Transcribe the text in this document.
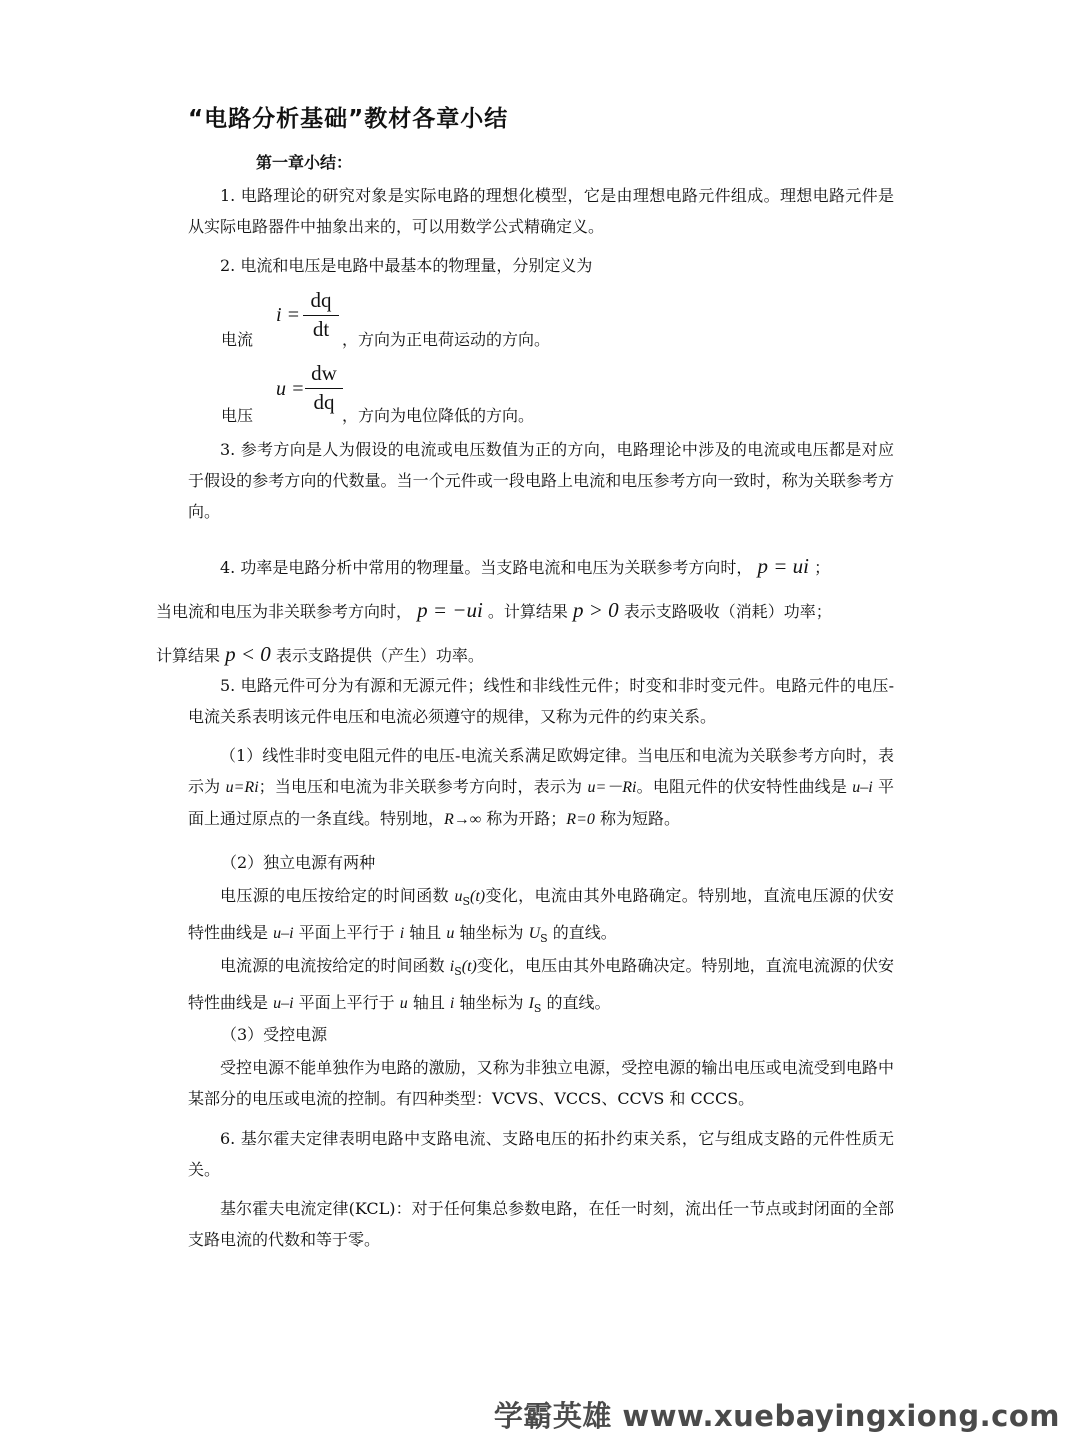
“电路分析基础”教材各章小结
第一章小结：
1. 电路理论的研究对象是实际电路的理想化模型，它是由理想电路元件组成。理想电路元件是从实际电路器件中抽象出来的，可以用数学公式精确定义。
2. 电流和电压是电路中最基本的物理量，分别定义为
电流
$i = \frac{dq}{dt}$ ，方向为正电荷运动的方向。
电压
$u = \frac{dw}{dq}$
，方向为电位降低的方向。
3. 参考方向是人为假设的电流或电压数值为正的方向，电路理论中涉及的电流或电压都是对应于假设的参考方向的代数量。当一个元件或一段电路上电流和电压参考方向一致时，称为关联参考方向。
4. 功率是电路分析中常用的物理量。当支路电流和电压为关联参考方向时， p = ui ；
当电流和电压为非关联参考方向时， p = −ui 。计算结果 p > 0 表示支路吸收（消耗）功率；
计算结果 p < 0 表示支路提供（产生）功率。
5. 电路元件可分为有源和无源元件；线性和非线性元件；时变和非时变元件。电路元件的电压-电流关系表明该元件电压和电流必须遵守的规律，又称为元件的约束关系。
（1）线性非时变电阻元件的电压-电流关系满足欧姆定律。当电压和电流为关联参考方向时，表示为 u=Ri；当电压和电流为非关联参考方向时，表示为 u=－Ri。电阻元件的伏安特性曲线是 u–i 平面上通过原点的一条直线。特别地，R→∞ 称为开路；R=0 称为短路。
（2）独立电源有两种
电压源的电压按给定的时间函数 $u_S(t)$变化，电流由其外电路确定。特别地，直流电压源的伏安特性曲线是 u–i 平面上平行于 i 轴且 u 轴坐标为 $U_S$ 的直线。
电流源的电流按给定的时间函数 $i_S(t)$变化，电压由其外电路确决定。特别地，直流电流源的伏安特性曲线是 u–i 平面上平行于 u 轴且 i 轴坐标为 $I_S$ 的直线。
（3）受控电源
受控电源不能单独作为电路的激励，又称为非独立电源，受控电源的输出电压或电流受到电路中某部分的电压或电流的控制。有四种类型：VCVS、VCCS、CCVS 和 CCCS。
6. 基尔霍夫定律表明电路中支路电流、支路电压的拓扑约束关系，它与组成支路的元件性质无关。
基尔霍夫电流定律(KCL)：对于任何集总参数电路，在任一时刻，流出任一节点或封闭面的全部支路电流的代数和等于零。
学霸英雄 www.xuebayingxiong.com
